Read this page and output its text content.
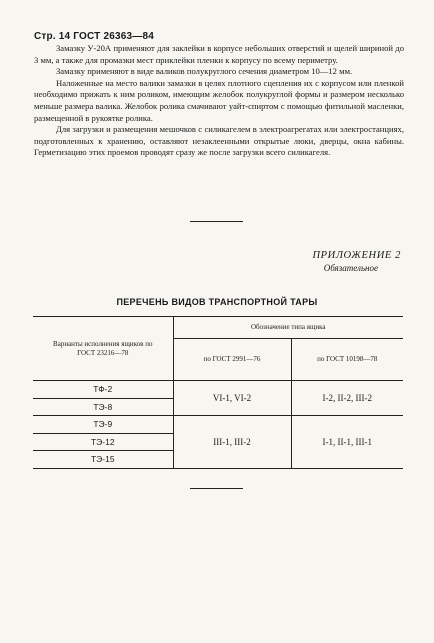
Стр. 14 ГОСТ 26363—84

Замазку У-20А применяют для заклейки в корпусе небольших отверстий и щелей шириной до 3 мм, а также для промазки мест приклейки пленки к корпусу по всему периметру.

Замазку применяют в виде валиков полукруглого сечения диаметром 10—12 мм.

Наложенные на место валики замазки в целях плотного сцепления их с корпусом или пленкой необходимо прижать к ним роликом, имеющим желобок полукруглой формы и размером несколько меньше размера валика. Желобок ролика смачивают уайт-спиртом с помощью фитильной масленки, размещенной в рукоятке ролика.

Для загрузки и размещения мешочков с силикагелем в электроагрегатах или электростанциях, подготовленных к хранению, оставляют незаклеенными открытые люки, дверцы, окна кабины. Герметизацию этих проемов проводят сразу же после загрузки всего силикагеля.

ПРИЛОЖЕНИЕ 2
Обязательное
ПЕРЕЧЕНЬ ВИДОВ ТРАНСПОРТНОЙ ТАРЫ
Варианты исполнения ящиков по ГОСТ 23216—78	Обозначение типа ящика	
	по ГОСТ 2991—76	по ГОСТ 10198—78
ТФ-2	VI-1, VI-2	I-2, II-2, III-2
ТЭ-8		
ТЭ-9	III-1, III-2	I-1, II-1, III-1
ТЭ-12		
ТЭ-15		
